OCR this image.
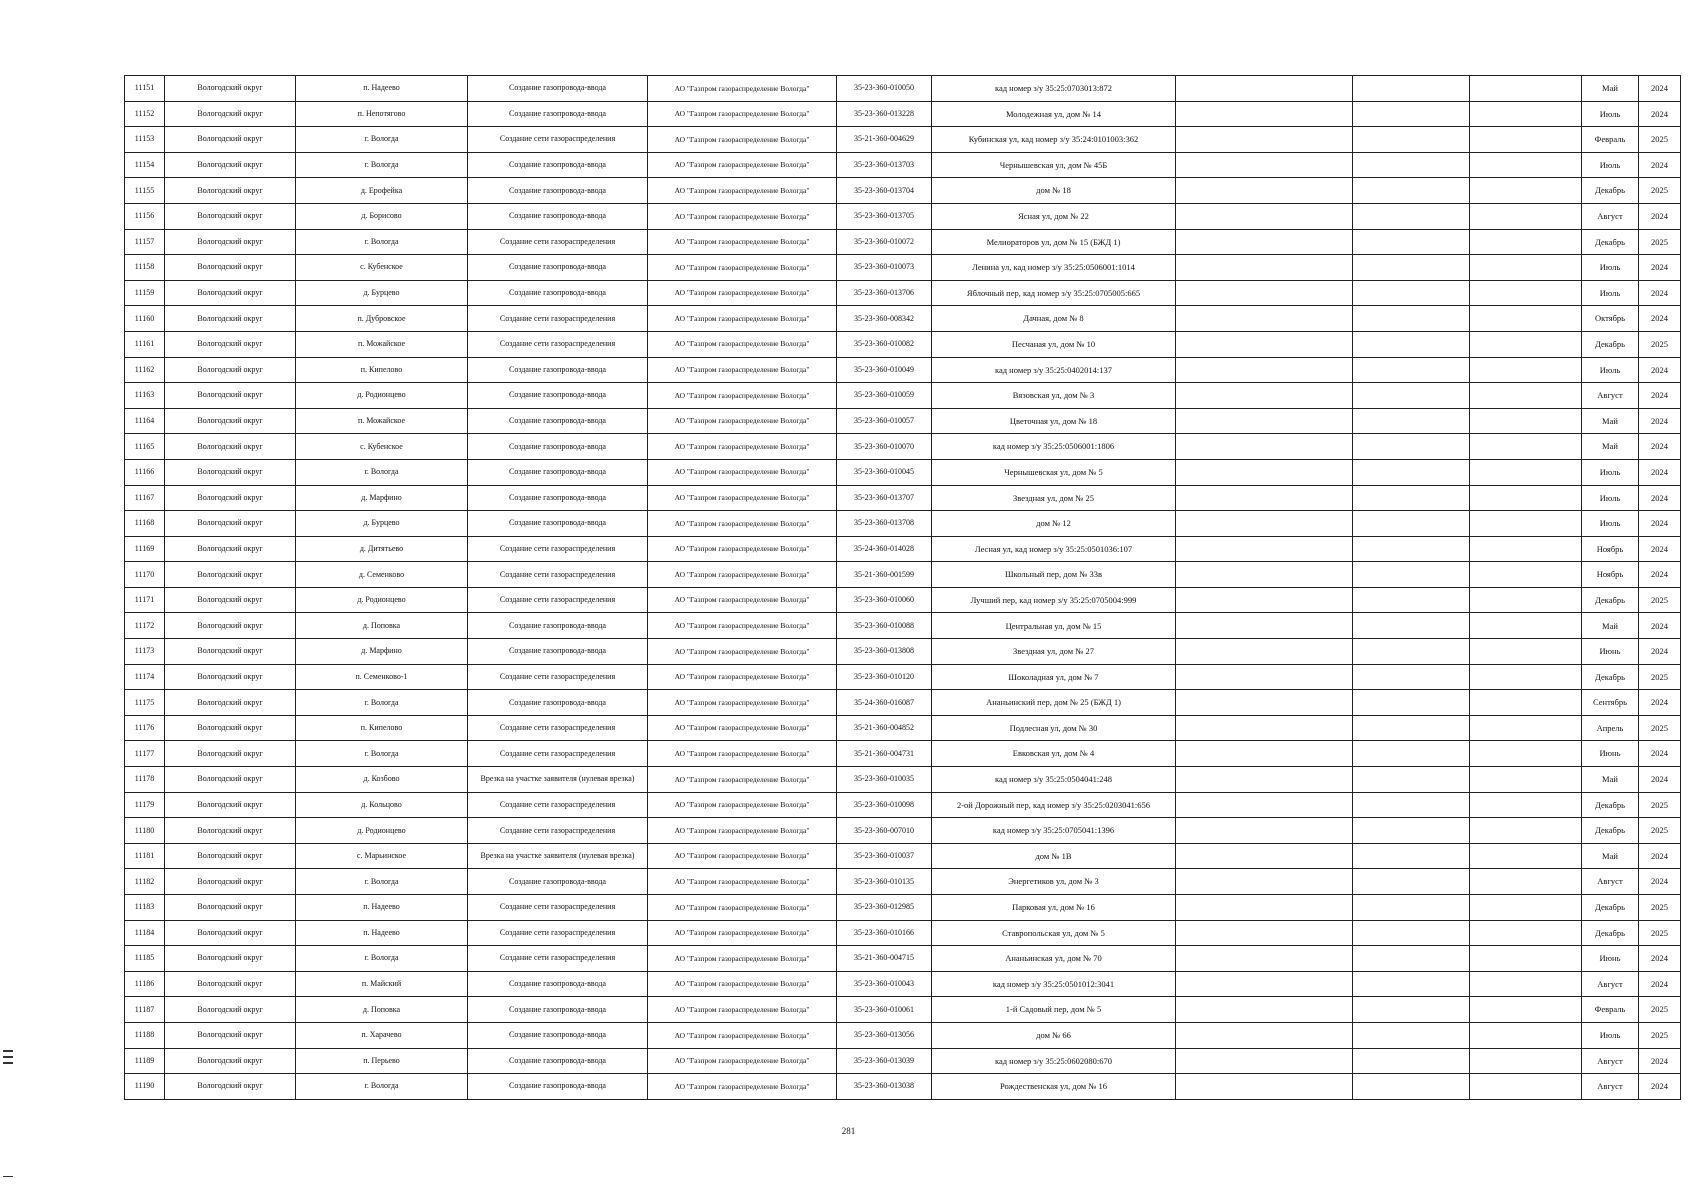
11151	Вологодский округ	п. Надеево	Создание газопровода-ввода	АО "Газпром газораспределение Вологда"	35-23-360-010050	кад номер з/у 35:25:0703013:872				Май	2024
11152	Вологодский округ	п. Непотягово	Создание газопровода-ввода	АО "Газпром газораспределение Вологда"	35-23-360-013228	Молодежная ул, дом № 14				Июль	2024
11153	Вологодский округ	г. Вологда	Создание сети газораспределения	АО "Газпром газораспределение Вологда"	35-21-360-004629	Кубинская ул, кад номер з/у 35:24:0101003:362				Февраль	2025
11154	Вологодский округ	г. Вологда	Создание газопровода-ввода	АО "Газпром газораспределение Вологда"	35-23-360-013703	Чернышевская ул, дом № 45Б				Июль	2024
11155	Вологодский округ	д. Ерофейка	Создание газопровода-ввода	АО "Газпром газораспределение Вологда"	35-23-360-013704	дом № 18				Декабрь	2025
11156	Вологодский округ	д. Борисово	Создание газопровода-ввода	АО "Газпром газораспределение Вологда"	35-23-360-013705	Ясная ул, дом № 22				Август	2024
11157	Вологодский округ	г. Вологда	Создание сети газораспределения	АО "Газпром газораспределение Вологда"	35-23-360-010072	Мелиораторов ул, дом № 15 (БЖД 1)				Декабрь	2025
11158	Вологодский округ	с. Кубенское	Создание газопровода-ввода	АО "Газпром газораспределение Вологда"	35-23-360-010073	Ленина ул, кад номер з/у 35:25:0506001:1014				Июль	2024
11159	Вологодский округ	д. Бурцево	Создание газопровода-ввода	АО "Газпром газораспределение Вологда"	35-23-360-013706	Яблочный пер, кад номер з/у 35:25:0705005:665				Июль	2024
11160	Вологодский округ	п. Дубровское	Создание сети газораспределения	АО "Газпром газораспределение Вологда"	35-23-360-008342	Дачная, дом № 8				Октябрь	2024
11161	Вологодский округ	п. Можайское	Создание сети газораспределения	АО "Газпром газораспределение Вологда"	35-23-360-010082	Песчаная ул, дом № 10				Декабрь	2025
11162	Вологодский округ	п. Кипелово	Создание газопровода-ввода	АО "Газпром газораспределение Вологда"	35-23-360-010049	кад номер з/у 35:25:0402014:137				Июль	2024
11163	Вологодский округ	д. Родионцево	Создание газопровода-ввода	АО "Газпром газораспределение Вологда"	35-23-360-010059	Вязовская ул, дом № 3				Август	2024
11164	Вологодский округ	п. Можайское	Создание газопровода-ввода	АО "Газпром газораспределение Вологда"	35-23-360-010057	Цветочная ул, дом № 18				Май	2024
11165	Вологодский округ	с. Кубенское	Создание газопровода-ввода	АО "Газпром газораспределение Вологда"	35-23-360-010070	кад номер з/у 35:25:0506001:1806				Май	2024
11166	Вологодский округ	г. Вологда	Создание газопровода-ввода	АО "Газпром газораспределение Вологда"	35-23-360-010045	Чернышевская ул, дом № 5				Июль	2024
11167	Вологодский округ	д. Марфино	Создание газопровода-ввода	АО "Газпром газораспределение Вологда"	35-23-360-013707	Звездная ул, дом № 25				Июль	2024
11168	Вологодский округ	д. Бурцево	Создание газопровода-ввода	АО "Газпром газораспределение Вологда"	35-23-360-013708	дом № 12				Июль	2024
11169	Вологодский округ	д. Дитятьево	Создание сети газораспределения	АО "Газпром газораспределение Вологда"	35-24-360-014028	Лесная ул, кад номер з/у 35:25:0501036:107				Ноябрь	2024
11170	Вологодский округ	д. Семенково	Создание сети газораспределения	АО "Газпром газораспределение Вологда"	35-21-360-001599	Школьный пер, дом № 33в				Ноябрь	2024
11171	Вологодский округ	д. Родионцево	Создание сети газораспределения	АО "Газпром газораспределение Вологда"	35-23-360-010060	Лучший пер, кад номер з/у 35:25:0705004:999				Декабрь	2025
11172	Вологодский округ	д. Поповка	Создание газопровода-ввода	АО "Газпром газораспределение Вологда"	35-23-360-010088	Центральная ул, дом № 15				Май	2024
11173	Вологодский округ	д. Марфино	Создание газопровода-ввода	АО "Газпром газораспределение Вологда"	35-23-360-013808	Звездная ул, дом № 27				Июнь	2024
11174	Вологодский округ	п. Семенково-1	Создание сети газораспределения	АО "Газпром газораспределение Вологда"	35-23-360-010120	Шоколадная ул, дом № 7				Декабрь	2025
11175	Вологодский округ	г. Вологда	Создание газопровода-ввода	АО "Газпром газораспределение Вологда"	35-24-360-016087	Ананьинский пер, дом № 25 (БЖД 1)				Сентябрь	2024
11176	Вологодский округ	п. Кипелово	Создание сети газораспределения	АО "Газпром газораспределение Вологда"	35-21-360-004852	Подлесная ул, дом № 30				Апрель	2025
11177	Вологодский округ	г. Вологда	Создание сети газораспределения	АО "Газпром газораспределение Вологда"	35-21-360-004731	Евковская ул, дом № 4				Июнь	2024
11178	Вологодский округ	д. Козбово	Врезка на участке заявителя (нулевая врезка)	АО "Газпром газораспределение Вологда"	35-23-360-010035	кад номер з/у 35:25:0504041:248				Май	2024
11179	Вологодский округ	д. Кольцово	Создание сети газораспределения	АО "Газпром газораспределение Вологда"	35-23-360-010098	2-ой Дорожный пер, кад номер з/у 35:25:0203041:656				Декабрь	2025
11180	Вологодский округ	д. Родионцево	Создание сети газораспределения	АО "Газпром газораспределение Вологда"	35-23-360-007010	кад номер з/у 35:25:0705041:1396				Декабрь	2025
11181	Вологодский округ	с. Марьинское	Врезка на участке заявителя (нулевая врезка)	АО "Газпром газораспределение Вологда"	35-23-360-010037	дом № 1В				Май	2024
11182	Вологодский округ	г. Вологда	Создание газопровода-ввода	АО "Газпром газораспределение Вологда"	35-23-360-010135	Энергетиков ул, дом № 3				Август	2024
11183	Вологодский округ	п. Надеево	Создание сети газораспределения	АО "Газпром газораспределение Вологда"	35-23-360-012985	Парковая ул, дом № 16				Декабрь	2025
11184	Вологодский округ	п. Надеево	Создание сети газораспределения	АО "Газпром газораспределение Вологда"	35-23-360-010166	Ставропольская ул, дом № 5				Декабрь	2025
11185	Вологодский округ	г. Вологда	Создание сети газораспределения	АО "Газпром газораспределение Вологда"	35-21-360-004715	Ананьинская ул, дом № 70				Июнь	2024
11186	Вологодский округ	п. Майский	Создание газопровода-ввода	АО "Газпром газораспределение Вологда"	35-23-360-010043	кад номер з/у 35:25:0501012:3041				Август	2024
11187	Вологодский округ	д. Поповка	Создание газопровода-ввода	АО "Газпром газораспределение Вологда"	35-23-360-010061	1-й Садовый пер, дом № 5				Февраль	2025
11188	Вологодский округ	п. Харачево	Создание газопровода-ввода	АО "Газпром газораспределение Вологда"	35-23-360-013056	дом № 66				Июль	2025
11189	Вологодский округ	п. Перьево	Создание газопровода-ввода	АО "Газпром газораспределение Вологда"	35-23-360-013039	кад номер з/у 35:25:0602080:670				Август	2024
11190	Вологодский округ	г. Вологда	Создание газопровода-ввода	АО "Газпром газораспределение Вологда"	35-23-360-013038	Рождественская ул, дом № 16				Август	2024
281
